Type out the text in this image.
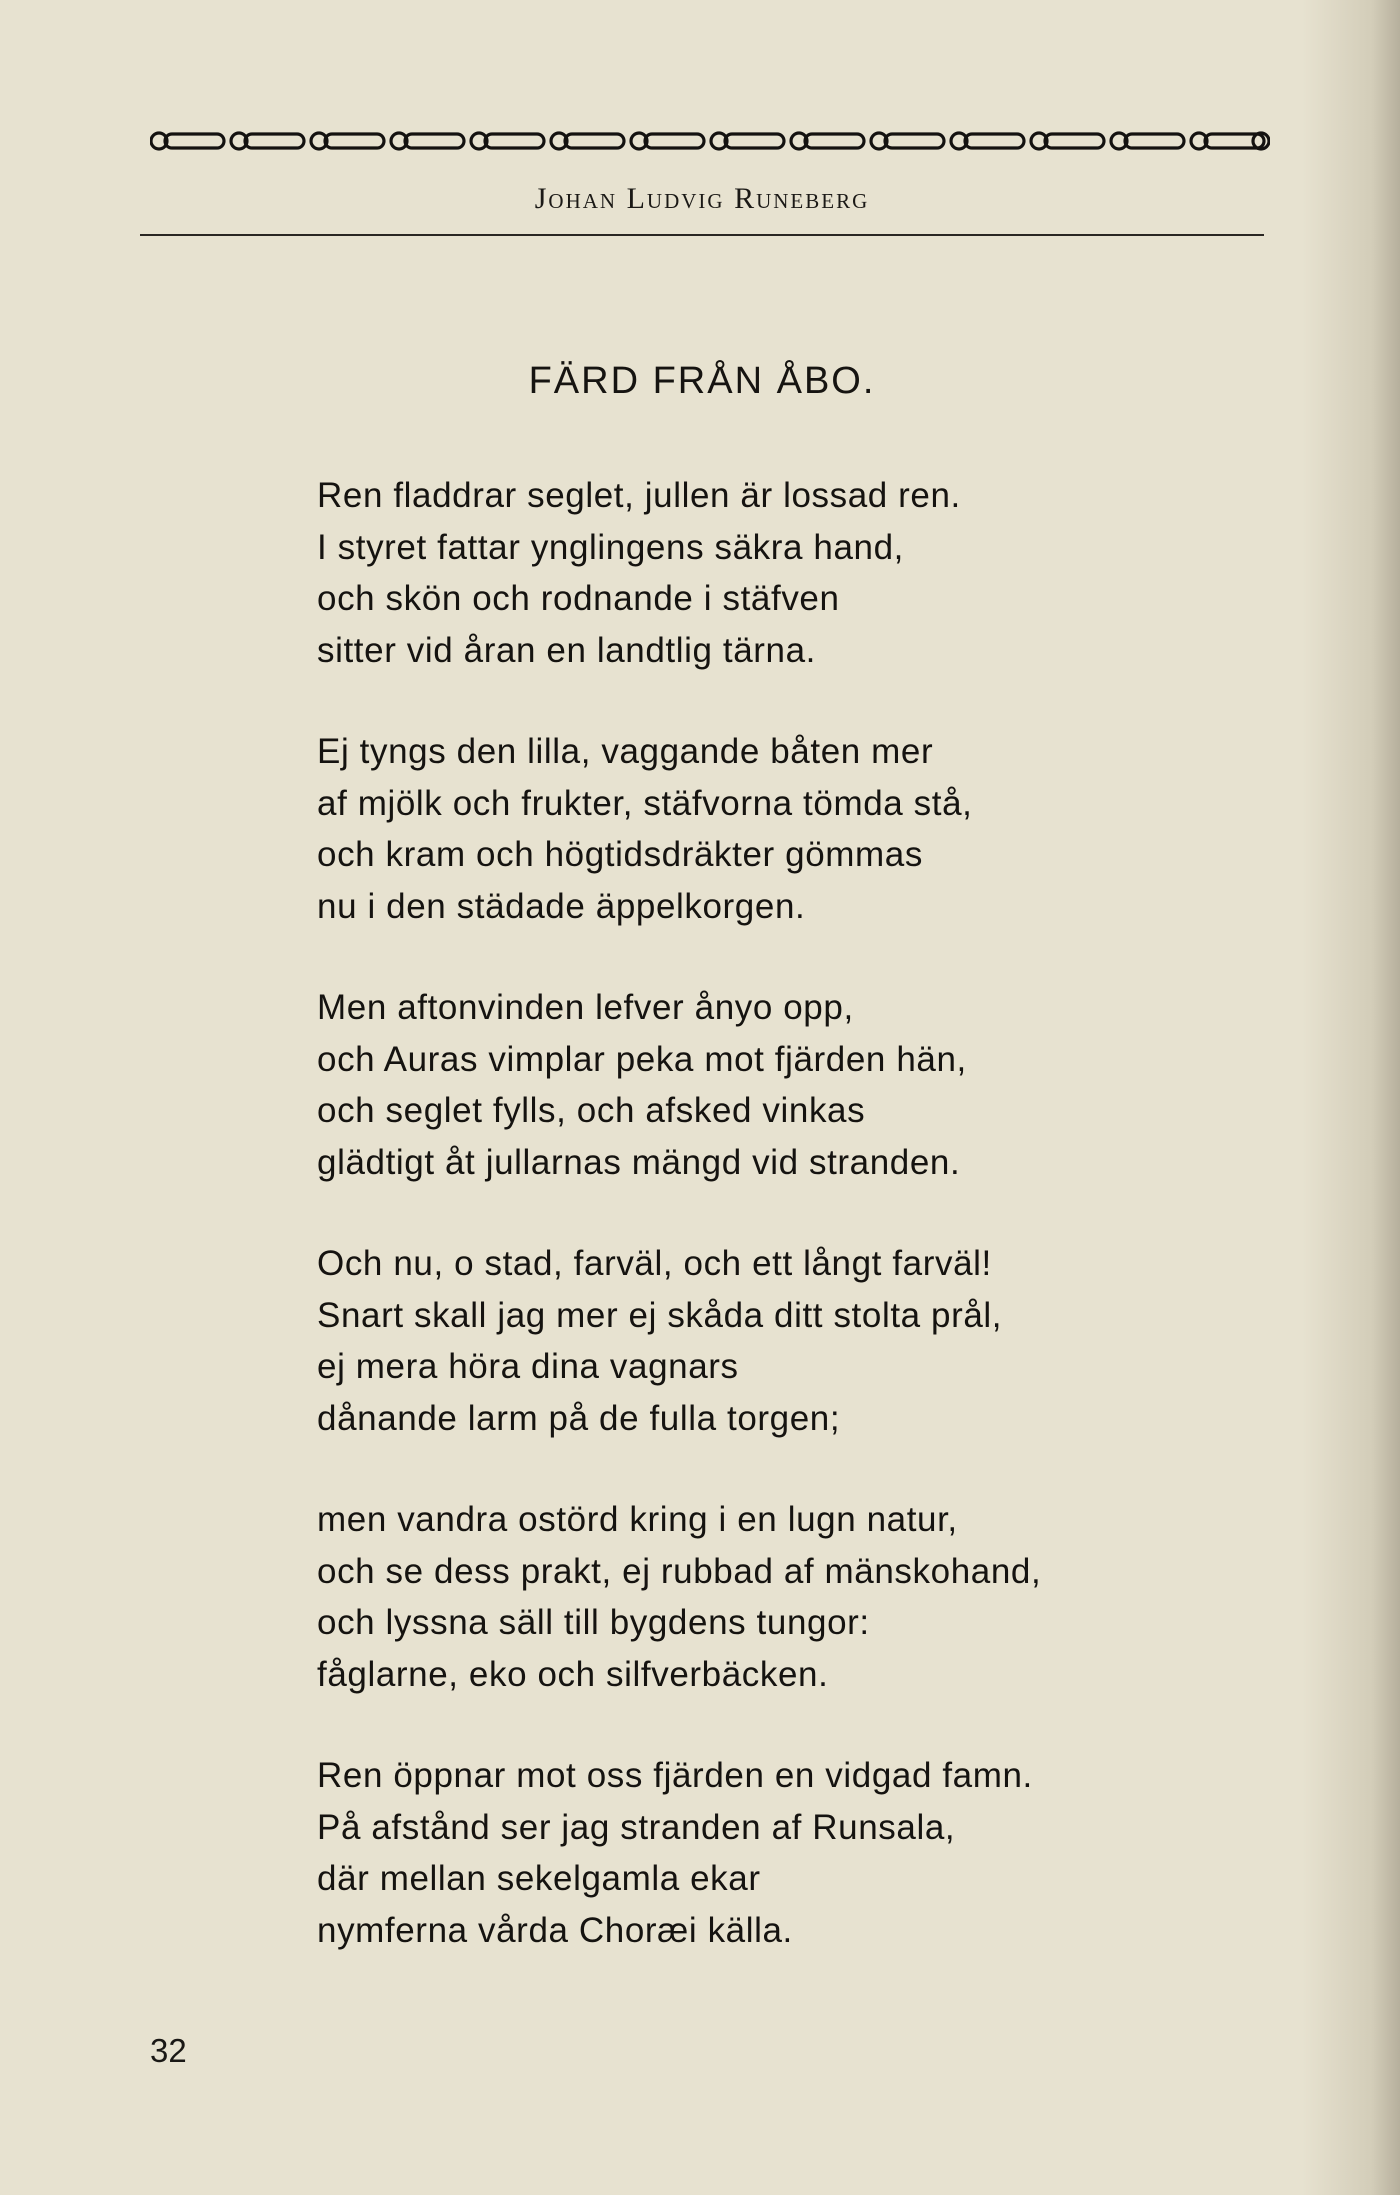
Johan Ludvig Runeberg
FÄRD FRÅN ÅBO.
Ren fladdrar seglet, jullen är lossad ren.
I styret fattar ynglingens säkra hand,
och skön och rodnande i stäfven
sitter vid åran en landtlig tärna.
Ej tyngs den lilla, vaggande båten mer
af mjölk och frukter, stäfvorna tömda stå,
och kram och högtidsdräkter gömmas
nu i den städade äppelkorgen.
Men aftonvinden lefver ånyo opp,
och Auras vimplar peka mot fjärden hän,
och seglet fylls, och afsked vinkas
glädtigt åt jullarnas mängd vid stranden.
Och nu, o stad, farväl, och ett långt farväl!
Snart skall jag mer ej skåda ditt stolta prål,
ej mera höra dina vagnars
dånande larm på de fulla torgen;
men vandra ostörd kring i en lugn natur,
och se dess prakt, ej rubbad af mänskohand,
och lyssna säll till bygdens tungor:
fåglarne, eko och silfverbäcken.
Ren öppnar mot oss fjärden en vidgad famn.
På afstånd ser jag stranden af Runsala,
där mellan sekelgamla ekar
nymferna vårda Choræi källa.
32
